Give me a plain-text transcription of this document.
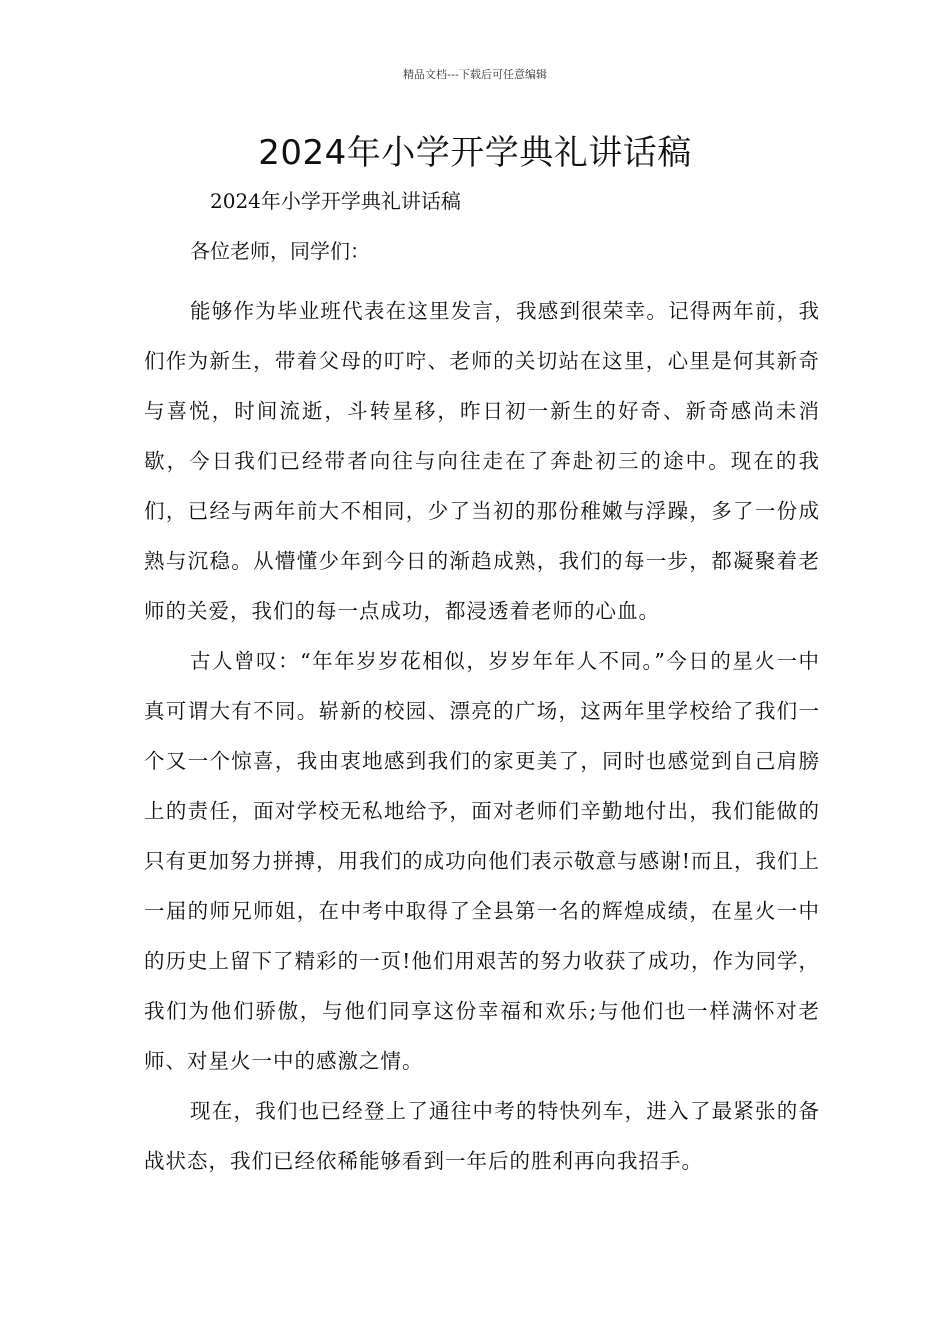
精品文档---下载后可任意编辑
2024年小学开学典礼讲话稿
2024年小学开学典礼讲话稿
各位老师，同学们：

能够作为毕业班代表在这里发言，我感到很荣幸。记得两年前，我们作为新生，带着父母的叮咛、老师的关切站在这里，心里是何其新奇与喜悦，时间流逝，斗转星移，昨日初一新生的好奇、新奇感尚未消歇，今日我们已经带者向往与向往走在了奔赴初三的途中。现在的我们，已经与两年前大不相同，少了当初的那份稚嫩与浮躁，多了一份成熟与沉稳。从懵懂少年到今日的渐趋成熟，我们的每一步，都凝聚着老师的关爱，我们的每一点成功，都浸透着老师的心血。

古人曾叹：“年年岁岁花相似，岁岁年年人不同。”今日的星火一中真可谓大有不同。崭新的校园、漂亮的广场，这两年里学校给了我们一个又一个惊喜，我由衷地感到我们的家更美了，同时也感觉到自己肩膀上的责任，面对学校无私地给予，面对老师们辛勤地付出，我们能做的只有更加努力拼搏，用我们的成功向他们表示敬意与感谢!而且，我们上一届的师兄师姐，在中考中取得了全县第一名的辉煌成绩，在星火一中的历史上留下了精彩的一页!他们用艰苦的努力收获了成功，作为同学，我们为他们骄傲，与他们同享这份幸福和欢乐;与他们也一样满怀对老师、对星火一中的感激之情。

现在，我们也已经登上了通往中考的特快列车，进入了最紧张的备战状态，我们已经依稀能够看到一年后的胜利再向我招手。
